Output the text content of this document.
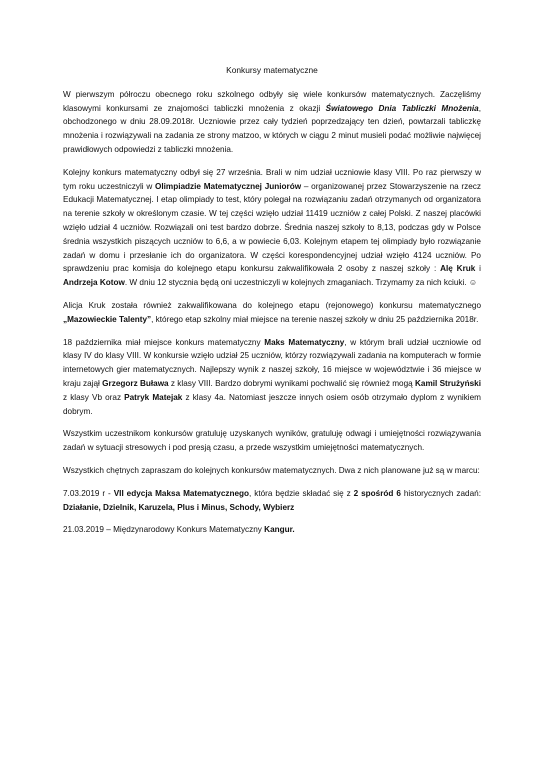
Konkursy matematyczne

W pierwszym półroczu obecnego roku szkolnego odbyły się wiele konkursów matematycznych. Zaczęliśmy klasowymi konkursami ze znajomości tabliczki mnożenia z okazji Światowego Dnia Tabliczki Mnożenia, obchodzonego w dniu 28.09.2018r. Uczniowie przez cały tydzień poprzedzający ten dzień, powtarzali tabliczkę mnożenia i rozwiązywali na zadania ze strony matzoo, w których w ciągu 2 minut musieli podać możliwie najwięcej prawidłowych odpowiedzi z tabliczki mnożenia.

Kolejny konkurs matematyczny odbył się 27 września. Brali w nim udział uczniowie klasy VIII. Po raz pierwszy w tym roku uczestniczyli w Olimpiadzie Matematycznej Juniorów – organizowanej przez Stowarzyszenie na rzecz Edukacji Matematycznej. I etap olimpiady to test, który polegał na rozwiązaniu zadań otrzymanych od organizatora na terenie szkoły w określonym czasie. W tej części wzięło udział 11419 uczniów z całej Polski. Z naszej placówki wzięło udział 4 uczniów. Rozwiązali oni test bardzo dobrze. Średnia naszej szkoły to 8,13, podczas gdy w Polsce średnia wszystkich piszących uczniów to 6,6, a w powiecie 6,03. Kolejnym etapem tej olimpiady było rozwiązanie zadań w domu i przesłanie ich do organizatora. W części korespondencyjnej udział wzięło 4124 uczniów. Po sprawdzeniu prac komisja do kolejnego etapu konkursu zakwalifikowała 2 osoby z naszej szkoły : Alę Kruk i Andrzeja Kotow. W dniu 12 stycznia będą oni uczestniczyli w kolejnych zmaganiach. Trzymamy za nich kciuki. ☺

Alicja Kruk została również zakwalifikowana do kolejnego etapu (rejonowego) konkursu matematycznego „Mazowieckie Talenty”, którego etap szkolny miał miejsce na terenie naszej szkoły w dniu 25 października 2018r.

18 października miał miejsce konkurs matematyczny Maks Matematyczny, w którym brali udział uczniowie od klasy IV do klasy VIII. W konkursie wzięło udział 25 uczniów, którzy rozwiązywali zadania na komputerach w formie internetowych gier matematycznych. Najlepszy wynik z naszej szkoły, 16 miejsce w województwie i 36 miejsce w kraju zajął Grzegorz Buława z klasy VIII. Bardzo dobrymi wynikami pochwalić się również mogą Kamil Strużyński z klasy Vb oraz Patryk Matejak z klasy 4a. Natomiast jeszcze innych osiem osób otrzymało dyplom z wynikiem dobrym.

Wszystkim uczestnikom konkursów gratuluję uzyskanych wyników, gratuluję odwagi i umiejętności rozwiązywania zadań w sytuacji stresowych i pod presją czasu, a przede wszystkim umiejętności matematycznych.

Wszystkich chętnych zapraszam do kolejnych konkursów matematycznych. Dwa z nich planowane już są w marcu:

7.03.2019 r - VII edycja Maksa Matematycznego, która będzie składać się z 2 spośród 6 historycznych zadań: Działanie, Dzielnik, Karuzela, Plus i Minus, Schody, Wybierz

21.03.2019 – Międzynarodowy Konkurs Matematyczny Kangur.
